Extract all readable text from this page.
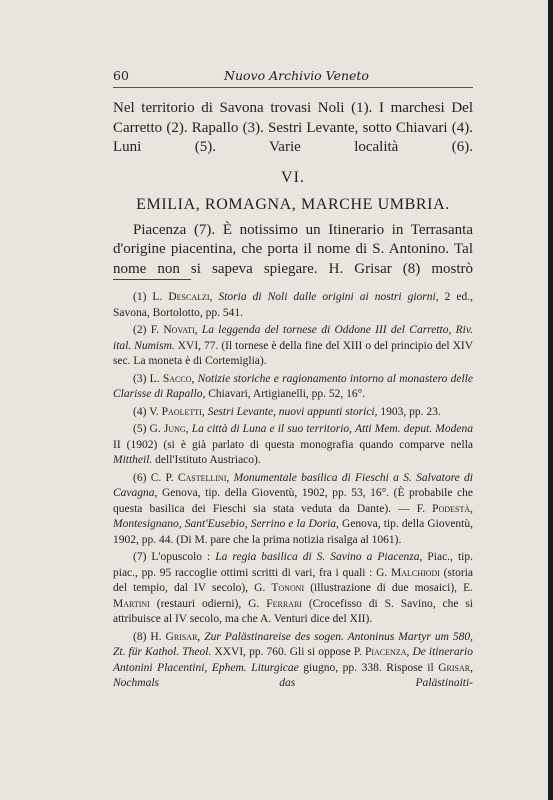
60	Nuovo Archivio Veneto

Nel territorio di Savona trovasi Noli (1). I marchesi Del Carretto (2). Rapallo (3). Sestri Levante, sotto Chiavari (4). Luni (5). Varie località (6).

VI.
EMILIA, ROMAGNA, MARCHE UMBRIA.

Piacenza (7). È notissimo un Itinerario in Terrasanta d'origine piacentina, che porta il nome di S. Antonino. Tal nome non si sapeva spiegare. H. Grisar (8) mostrò

(1) L. Descalzi, Storia di Noli dalle origini ai nostri giorni, 2 ed., Savona, Bortolotto, pp. 541.

(2) F. Novati, La leggenda del tornese di Oddone III del Carretto, Riv. ital. Numism. XVI, 77. (Il tornese è della fine del XIII o del principio del XIV sec. La moneta è di Cortemiglia).

(3) L. Sacco, Notizie storiche e ragionamento intorno al monastero delle Clarisse di Rapallo, Chiavari, Artigianelli, pp. 52, 16°.

(4) V. Paoletti, Sestri Levante, nuovi appunti storici, 1903, pp. 23.

(5) G. Jung, La città di Luna e il suo territorio, Atti Mem. deput. Modena II (1902) (si è già parlato di questa monografia quando comparve nella Mittheil. dell'Istituto Austriaco).

(6) C. P. Castellini, Monumentale basilica di Fieschi a S. Salvatore di Cavagna, Genova, tip. della Gioventù, 1902, pp. 53, 16°. (È probabile che questa basilica dei Fieschi sia stata veduta da Dante). — F. Podestà, Montesignano, Sant'Eusebio, Serrino e la Doria, Genova, tip. della Gioventù, 1902, pp. 44. (Di M. pare che la prima notizia risalga al 1061).

(7) L'opuscolo : La regia basilica di S. Savino a Piacenza, Piac., tip. piac., pp. 95 raccoglie ottimi scritti di vari, fra i quali : G. Malchiodi (storia del tempio, dal IV secolo), G. Tononi (illustrazione di due mosaici), E. Martini (restauri odierni), G. Ferrari (Crocefisso di S. Savino, che si attribuisce al IV secolo, ma che A. Venturi dice del XII).

(8) H. Grisar, Zur Palästinareise des sogen. Antoninus Martyr um 580, Zt. für Kathol. Theol. XXVI, pp. 760. Gli si oppose P. Piacenza, De itinerario Antonini Placentini, Ephem. Liturgicae giugno, pp. 338. Rispose il Grisar, Nochmals das Palästinaiti-
